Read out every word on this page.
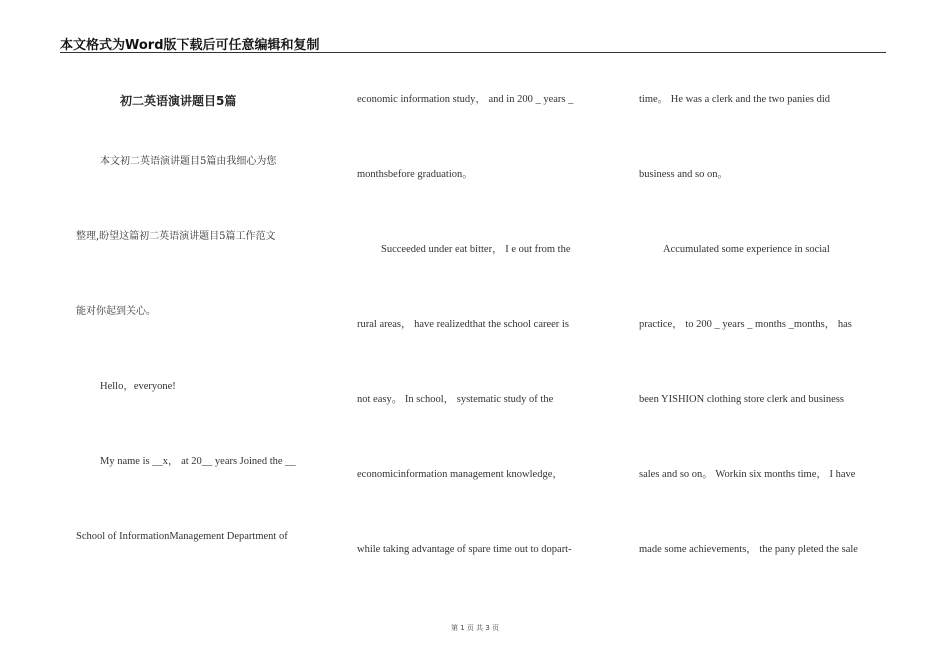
本文格式为Word版下载后可任意编辑和复制
初二英语演讲题目5篇
本文初二英语演讲题目5篇由我细心为您
整理,盼望这篇初二英语演讲题目5篇工作范文
能对你起到关心。
Hello，everyone!
My name is __x， at 20__ years Joined the __
School of InformationManagement Department of
economic information study， and in 200 _ years _
monthsbefore graduation。
Succeeded under eat bitter， I e out from the
rural areas， have realizedthat the school career is
not easy。 In school， systematic study of the
economicinformation management knowledge，
while taking advantage of spare time out to dopart-
time。 He was a clerk and the two panies did
business and so on。
Accumulated some experience in social
practice， to 200 _ years _ months _months， has
been YISHION clothing store clerk and business
sales and so on。 Workin six months time， I have
made some achievements， the pany pleted the sale
第 1 页 共 3 页
